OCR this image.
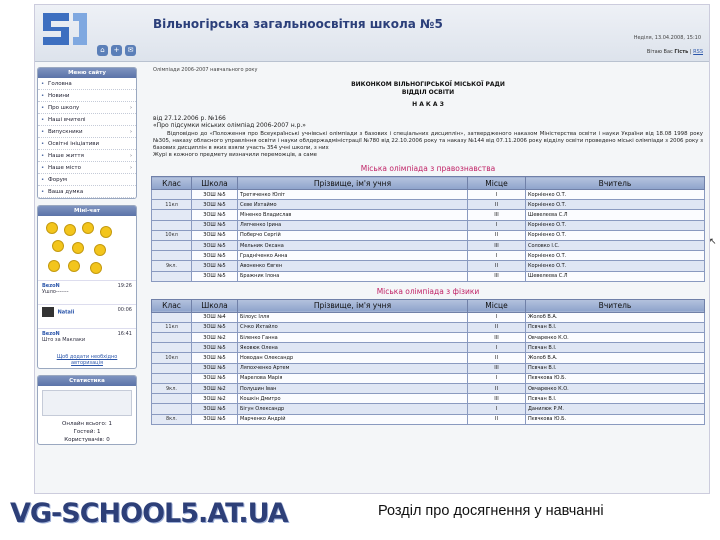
⌂	+	✉
Вільногірська загальноосвітня школа №5
Неділя, 13.04.2008, 15:10
Вітаю Вас Гість | RSS
Меню сайту
• Головна
• Новини
• Про школу	›
• Наші вчителі
• Випускники	›
• Освітні ініціативи
• Наше життя	›
• Наше місто	›
• Форум
• Ваша думка
Міні-чат
BezoN	19:26
Ушло-------
Natali	00:06
BezoN	16:41
Штo за Маклaки
Щоб додати необхідно авторизація
Статистика
Онлайн всього: 1
Гостей: 1
Користувачів: 0
Олімпіади 2006-2007 навчального року
ВИКОНКОМ ВІЛЬНОГІРСЬКОЇ МІСЬКОЇ РАДИ
ВІДДІЛ ОСВІТИ
Н А К А З
від 27.12.2006 р. №166
«Про підсумки міських олімпіад 2006-2007 н.р.»
Відповідно до «Положення про Всеукраїнські учнівські олімпіади з базових і спеціальних дисциплін», затвердженого наказом Міністерства освіти і науки України від 18.08 1998 року №305, наказу обласного управління освіти і науки облдержадміністрації №780 від 22.10.2006 року та наказу №144 від 07.11.2006 року відділу освіти проведено міські олімпіади з 2006 року з базових дисциплін в яких взяли участь 354 учні школи, з них
Журі в кожного предмету визначили переможців, а саме
Міська олімпіада з правознавства
Клас	Школа	Прізвище, ім'я учня	Місце	Вчитель
	ЗОШ №5	Третяченко Юліт	I	Корнієнко О.Т.
11кл	ЗОШ №5	Сєве Ихтаймо	II	Корнієнко О.Т.
	ЗОШ №5	Міненко Владислав	III	Шевелєєва С.Л
	ЗОШ №5	Ляпченко Ірина	I	Корнієнко О.Т.
10кл	ЗОШ №5	Поберчо Сергій	II	Корнієнко О.Т.
	ЗОШ №5	Мельник Оксана	III	Соловко І.С.
	ЗОШ №5	Градніченко Анна	I	Корнієнко О.Т.
9кл.	ЗОШ №5	Авоненко Євген	II	Корнієнко О.Т.
	ЗОШ №5	Бражник Ілона	III	Шевелєєва С.Л
Міська олімпіада з фізики
Клас	Школа	Прізвище, ім'я учня	Місце	Вчитель
	ЗОШ №4	Білоус Ілля	I	Жолоб В.А.
11кл	ЗОШ №5	Січко Ихтайло	II	Псвчан В.І.
	ЗОШ №2	Біленко Ганна	III	Овчаренко К.О.
	ЗОШ №5	Яковюк Олена	I	Псвчан В.І.
10кл	ЗОШ №5	Новодан Олександр	II	Жолоб В.А.
	ЗОШ №5	Ляпохченко Артем	III	Псвчан В.І.
	ЗОШ №5	Марелова Марія	I	Пєвчкова Ю.Б.
9кл.	ЗОШ №2	Полушин Іван	II	Овчаренко К.О.
	ЗОШ №2	Кошкін Дмитро	III	Псвчан В.І.
	ЗОШ №5	Бігун Олександр	I	Данилюк Р.М.
8кл.	ЗОШ №5	Марченко Андрій	II	Пєвчкова Ю.Б.
↖
VG-SCHOOL5.AT.UA	Розділ про досягнення у навчанні
